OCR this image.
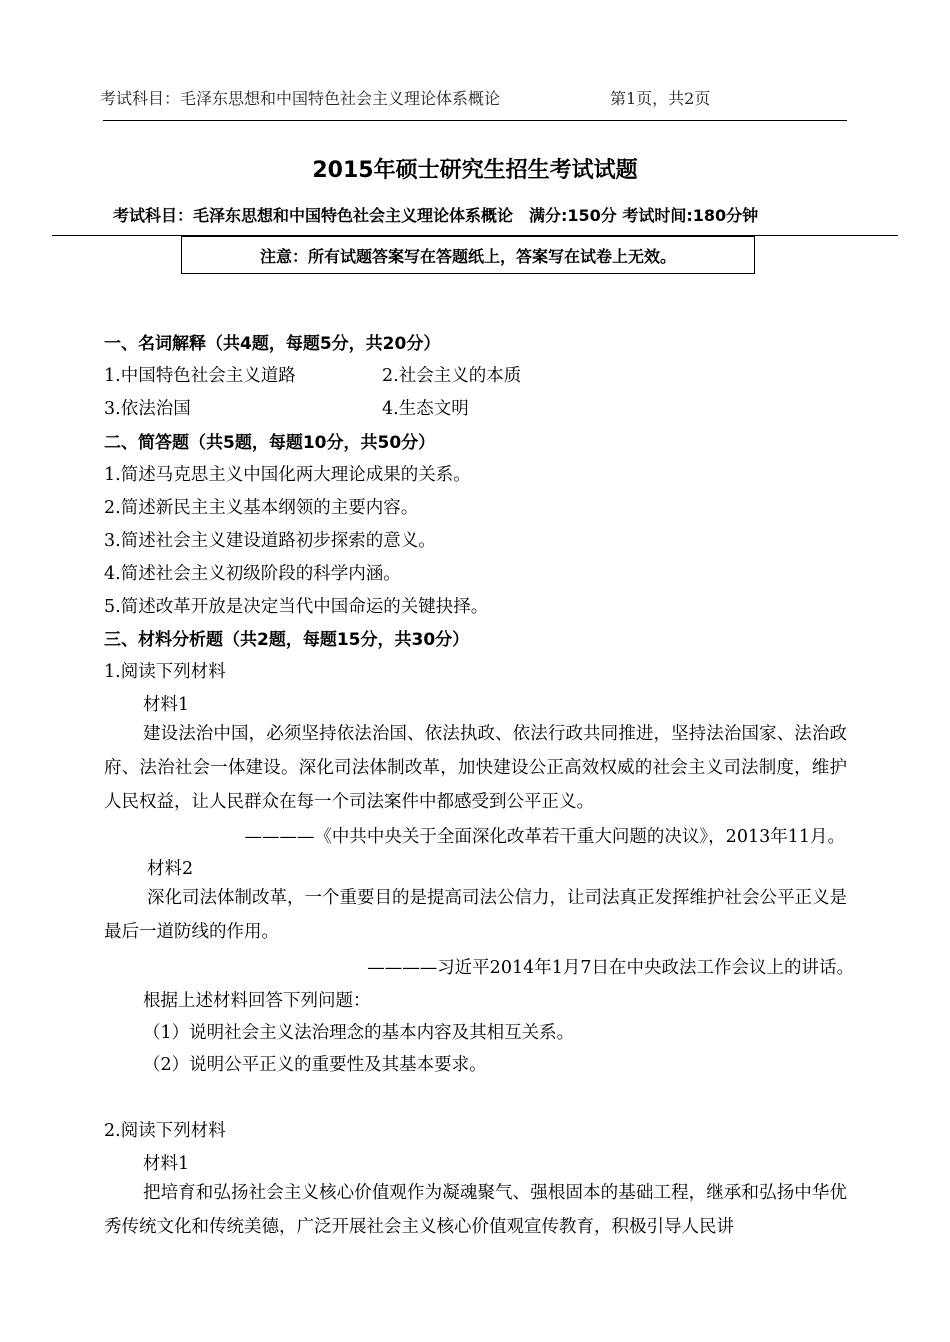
考试科目：毛泽东思想和中国特色社会主义理论体系概论	第1页，共2页
2015年硕士研究生招生考试试题
考试科目：毛泽东思想和中国特色社会主义理论体系概论　满分:150分 考试时间:180分钟
注意：所有试题答案写在答题纸上，答案写在试卷上无效。
一、名词解释（共4题，每题5分，共20分）
1.中国特色社会主义道路	2.社会主义的本质
3.依法治国	4.生态文明
二、简答题（共5题，每题10分，共50分）
1.简述马克思主义中国化两大理论成果的关系。
2.简述新民主主义基本纲领的主要内容。
3.简述社会主义建设道路初步探索的意义。
4.简述社会主义初级阶段的科学内涵。
5.简述改革开放是决定当代中国命运的关键抉择。
三、材料分析题（共2题，每题15分，共30分）
1.阅读下列材料
材料1
建设法治中国，必须坚持依法治国、依法执政、依法行政共同推进，坚持法治国家、法治政府、法治社会一体建设。深化司法体制改革，加快建设公正高效权威的社会主义司法制度，维护人民权益，让人民群众在每一个司法案件中都感受到公平正义。
————《中共中央关于全面深化改革若干重大问题的决议》，2013年11月。
材料2
深化司法体制改革，一个重要目的是提高司法公信力，让司法真正发挥维护社会公平正义是最后一道防线的作用。
————习近平2014年1月7日在中央政法工作会议上的讲话。
根据上述材料回答下列问题：
（1）说明社会主义法治理念的基本内容及其相互关系。
（2）说明公平正义的重要性及其基本要求。
2.阅读下列材料
材料1
把培育和弘扬社会主义核心价值观作为凝魂聚气、强根固本的基础工程，继承和弘扬中华优秀传统文化和传统美德，广泛开展社会主义核心价值观宣传教育，积极引导人民讲
